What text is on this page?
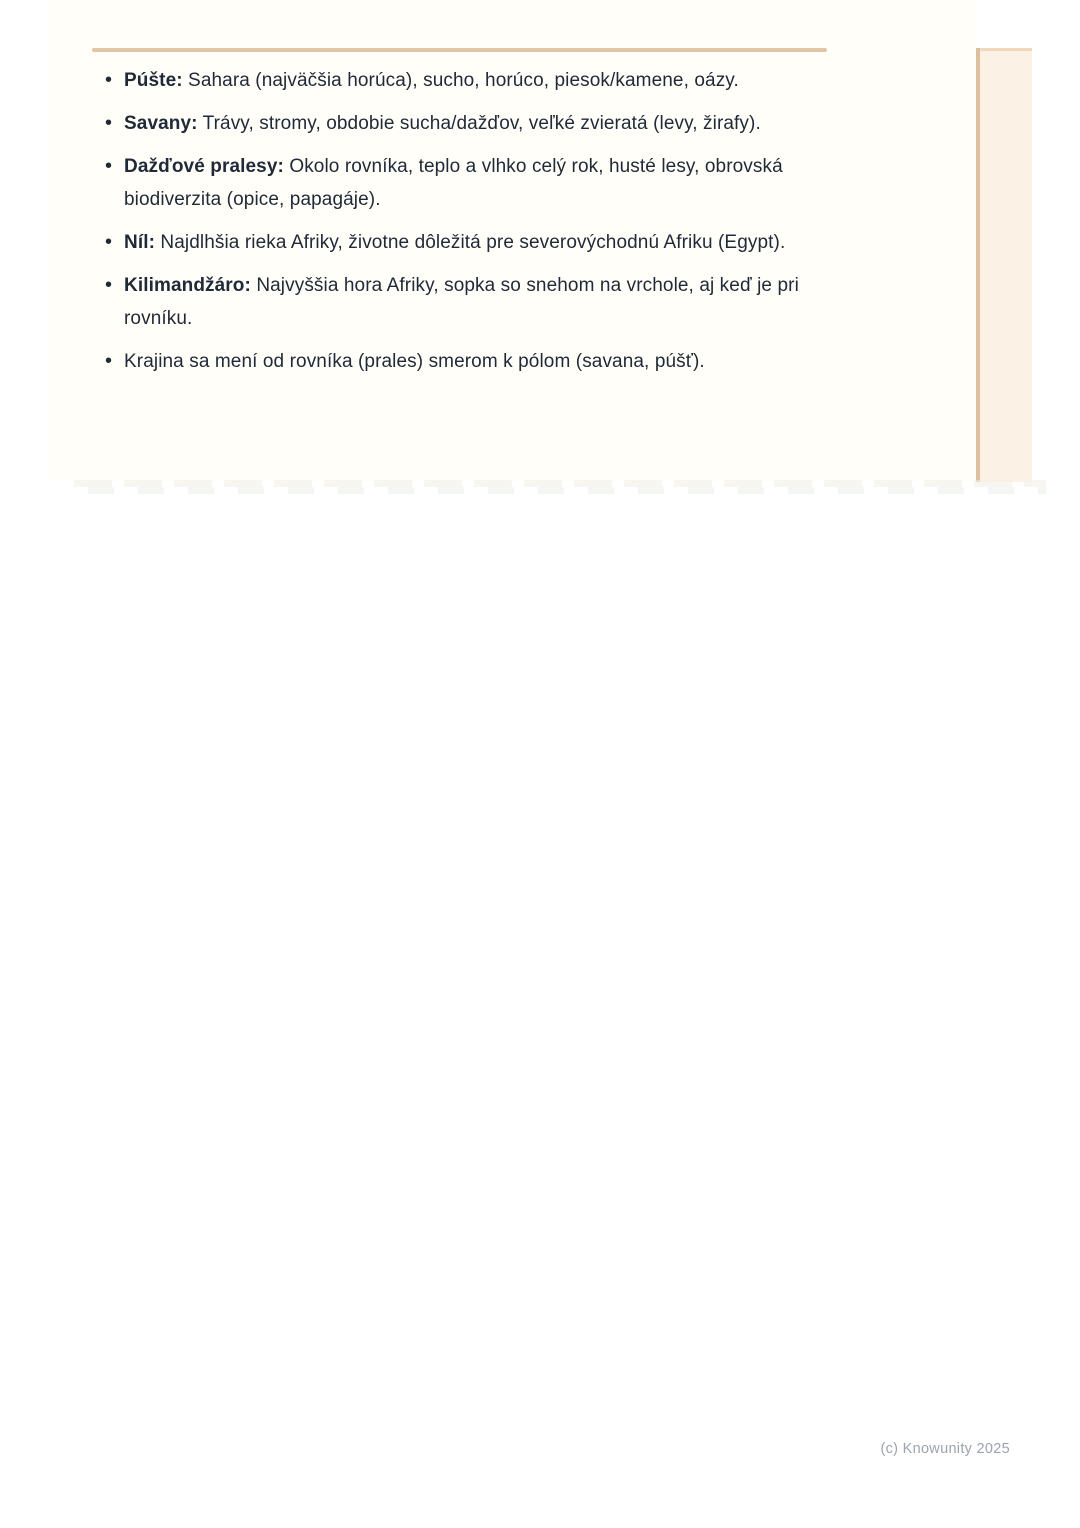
• Púšte: Sahara (najväčšia horúca), sucho, horúco, piesok/kamene, oázy.
• Savany: Trávy, stromy, obdobie sucha/dažďov, veľké zvieratá (levy, žirafy).
• Dažďové pralesy: Okolo rovníka, teplo a vlhko celý rok, husté lesy, obrovská biodiverzita (opice, papagáje).
• Níl: Najdlhšia rieka Afriky, životne dôležitá pre severovýchodnú Afriku (Egypt).
• Kilimandžáro: Najvyššia hora Afriky, sopka so snehom na vrchole, aj keď je pri rovníku.
• Krajina sa mení od rovníka (prales) smerom k pólom (savana, púšť).
(c) Knowunity 2025
